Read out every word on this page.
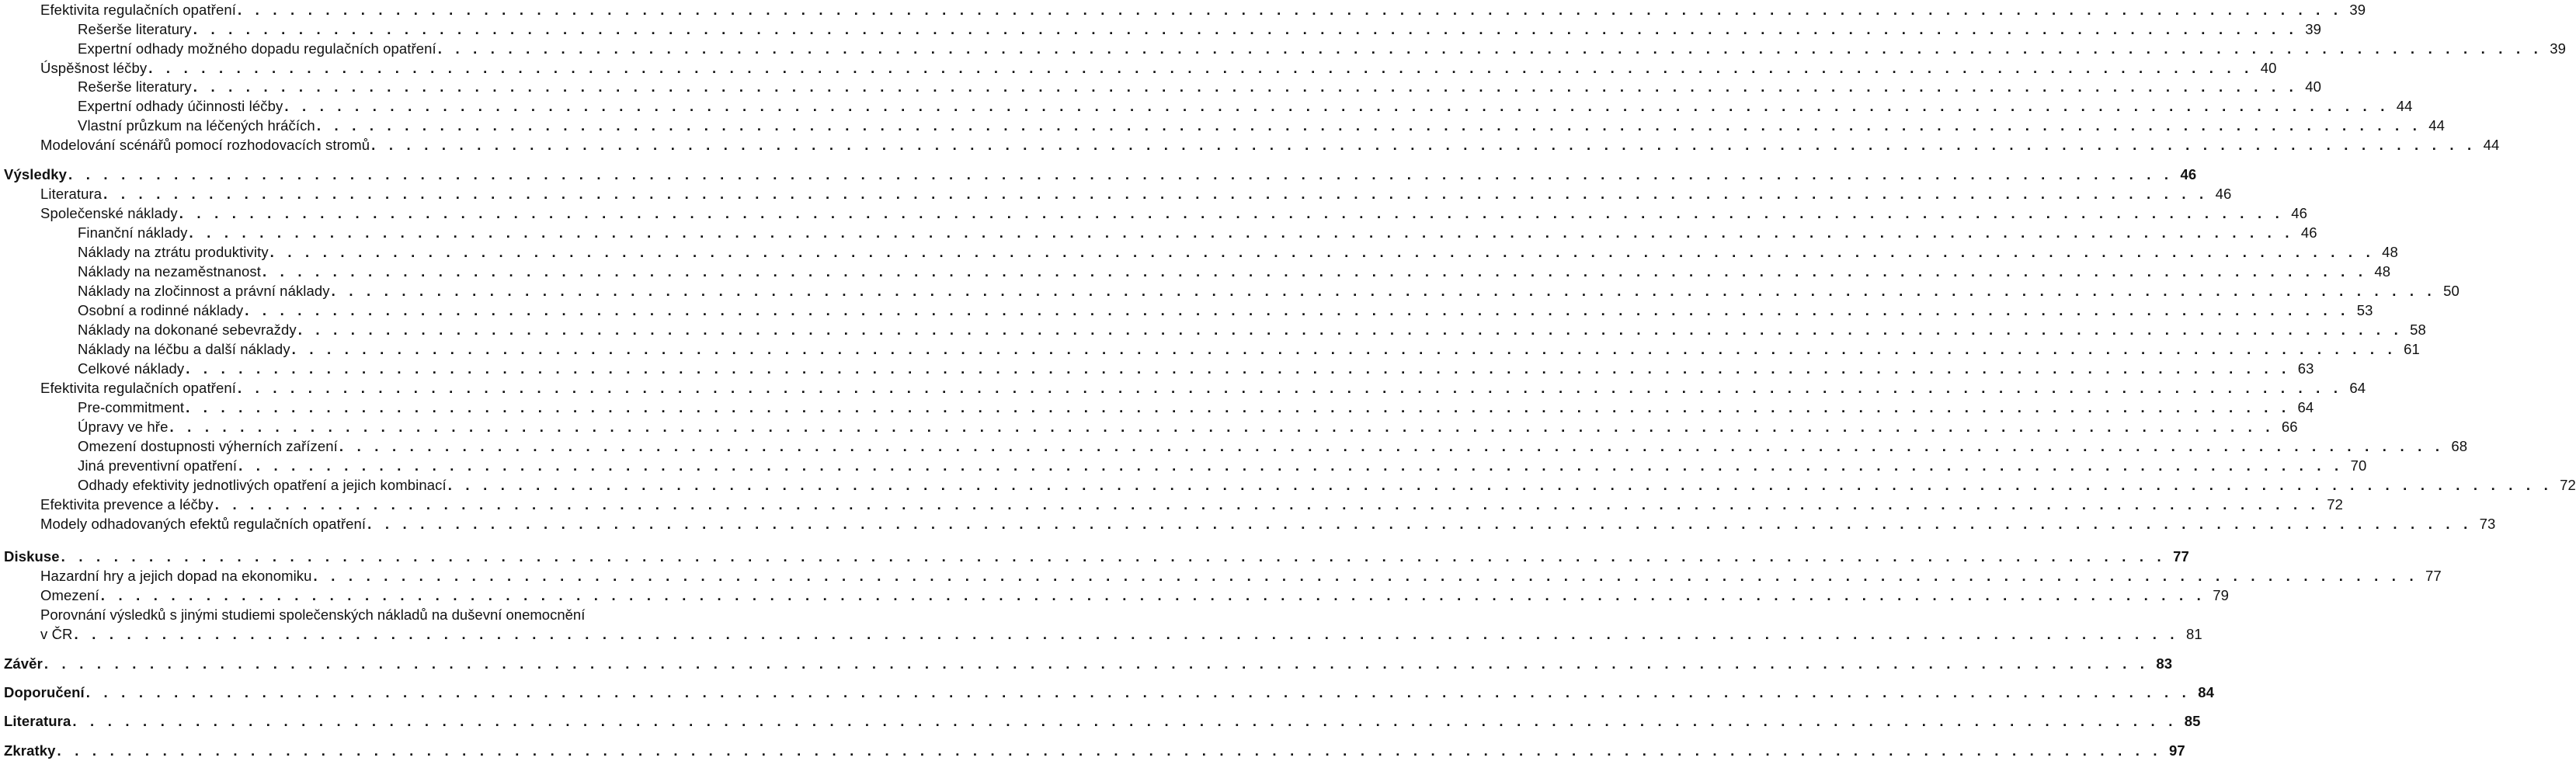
Efektivita regulačních opatření . . . . . . . . . . . . . . . . . . . . . . . . . . . . . . . . . . . . . . . . . . . . . . . . . . . . . . . . . . . . . . . . . . . . . . . . . . . . . . . . . . . . . . . . . . . . . . . . . . . . . . . . . . . . . . . . . . . . . . . . 39
Rešerše literatury . . . . . . . . . . . . . . . . . . . . . . . . . . . . . . . . . . . . . . . . . . . . . . . . . . . . . . . . . . . . . . . . . . . . . . . . . . . . . . . . . . . . . . . . . . . . . . . . . . . . . . . . . . . . . . . . . . . . . . . . 39
Expertní odhady možného dopadu regulačních opatření . . . . . . . . . . . . . . . . . . . . . . . . . . . . . . . . . . . . . . . . . . . . . . . . . . . . . . . . . . . . . . . . . . . . . . . . . . . . . . . . . . . . . . . . . . . . . . . . . . . . . . . . . . . . . . . . . . . . . . . . 39
Úspěšnost léčby . . . . . . . . . . . . . . . . . . . . . . . . . . . . . . . . . . . . . . . . . . . . . . . . . . . . . . . . . . . . . . . . . . . . . . . . . . . . . . . . . . . . . . . . . . . . . . . . . . . . . . . . . . . . . . . . . . . . . . . . 40
Rešerše literatury . . . . . . . . . . . . . . . . . . . . . . . . . . . . . . . . . . . . . . . . . . . . . . . . . . . . . . . . . . . . . . . . . . . . . . . . . . . . . . . . . . . . . . . . . . . . . . . . . . . . . . . . . . . . . . . . . . . . . . . . 40
Expertní odhady účinnosti léčby . . . . . . . . . . . . . . . . . . . . . . . . . . . . . . . . . . . . . . . . . . . . . . . . . . . . . . . . . . . . . . . . . . . . . . . . . . . . . . . . . . . . . . . . . . . . . . . . . . . . . . . . . . . . . . . . . . . . . . . . 44
Vlastní průzkum na léčených hráčích . . . . . . . . . . . . . . . . . . . . . . . . . . . . . . . . . . . . . . . . . . . . . . . . . . . . . . . . . . . . . . . . . . . . . . . . . . . . . . . . . . . . . . . . . . . . . . . . . . . . . . . . . . . . . . . . . . . . . . . . 44
Modelování scénářů pomocí rozhodovacích stromů . . . . . . . . . . . . . . . . . . . . . . . . . . . . . . . . . . . . . . . . . . . . . . . . . . . . . . . . . . . . . . . . . . . . . . . . . . . . . . . . . . . . . . . . . . . . . . . . . . . . . . . . . . . . . . . . . . . . . . . . 44
Výsledky . . . . . . . . . . . . . . . . . . . . . . . . . . . . . . . . . . . . . . . . . . . . . . . . . . . . . . . . . . . . . . . . . . . . . . . . . . . . . . . . . . . . . . . . . . . . . . . . . . . . . . . . . . . . . . . . . . . . . . . . 46
Literatura . . . . . . . . . . . . . . . . . . . . . . . . . . . . . . . . . . . . . . . . . . . . . . . . . . . . . . . . . . . . . . . . . . . . . . . . . . . . . . . . . . . . . . . . . . . . . . . . . . . . . . . . . . . . . . . . . . . . . . . . 46
Společenské náklady . . . . . . . . . . . . . . . . . . . . . . . . . . . . . . . . . . . . . . . . . . . . . . . . . . . . . . . . . . . . . . . . . . . . . . . . . . . . . . . . . . . . . . . . . . . . . . . . . . . . . . . . . . . . . . . . . . . . . . . . 46
Finanční náklady . . . . . . . . . . . . . . . . . . . . . . . . . . . . . . . . . . . . . . . . . . . . . . . . . . . . . . . . . . . . . . . . . . . . . . . . . . . . . . . . . . . . . . . . . . . . . . . . . . . . . . . . . . . . . . . . . . . . . . . . 46
Náklady na ztrátu produktivity . . . . . . . . . . . . . . . . . . . . . . . . . . . . . . . . . . . . . . . . . . . . . . . . . . . . . . . . . . . . . . . . . . . . . . . . . . . . . . . . . . . . . . . . . . . . . . . . . . . . . . . . . . . . . . . . . . . . . . . . 48
Náklady na nezaměstnanost . . . . . . . . . . . . . . . . . . . . . . . . . . . . . . . . . . . . . . . . . . . . . . . . . . . . . . . . . . . . . . . . . . . . . . . . . . . . . . . . . . . . . . . . . . . . . . . . . . . . . . . . . . . . . . . . . . . . . . . . 48
Náklady na zločinnost a právní náklady . . . . . . . . . . . . . . . . . . . . . . . . . . . . . . . . . . . . . . . . . . . . . . . . . . . . . . . . . . . . . . . . . . . . . . . . . . . . . . . . . . . . . . . . . . . . . . . . . . . . . . . . . . . . . . . . . . . . . . . . 50
Osobní a rodinné náklady . . . . . . . . . . . . . . . . . . . . . . . . . . . . . . . . . . . . . . . . . . . . . . . . . . . . . . . . . . . . . . . . . . . . . . . . . . . . . . . . . . . . . . . . . . . . . . . . . . . . . . . . . . . . . . . . . . . . . . . . 53
Náklady na dokonané sebevraždy . . . . . . . . . . . . . . . . . . . . . . . . . . . . . . . . . . . . . . . . . . . . . . . . . . . . . . . . . . . . . . . . . . . . . . . . . . . . . . . . . . . . . . . . . . . . . . . . . . . . . . . . . . . . . . . . . . . . . . . . 58
Náklady na léčbu a další náklady . . . . . . . . . . . . . . . . . . . . . . . . . . . . . . . . . . . . . . . . . . . . . . . . . . . . . . . . . . . . . . . . . . . . . . . . . . . . . . . . . . . . . . . . . . . . . . . . . . . . . . . . . . . . . . . . . . . . . . . . 61
Celkové náklady . . . . . . . . . . . . . . . . . . . . . . . . . . . . . . . . . . . . . . . . . . . . . . . . . . . . . . . . . . . . . . . . . . . . . . . . . . . . . . . . . . . . . . . . . . . . . . . . . . . . . . . . . . . . . . . . . . . . . . . . 63
Efektivita regulačních opatření . . . . . . . . . . . . . . . . . . . . . . . . . . . . . . . . . . . . . . . . . . . . . . . . . . . . . . . . . . . . . . . . . . . . . . . . . . . . . . . . . . . . . . . . . . . . . . . . . . . . . . . . . . . . . . . . . . . . . . . . 64
Pre-commitment . . . . . . . . . . . . . . . . . . . . . . . . . . . . . . . . . . . . . . . . . . . . . . . . . . . . . . . . . . . . . . . . . . . . . . . . . . . . . . . . . . . . . . . . . . . . . . . . . . . . . . . . . . . . . . . . . . . . . . . . 64
Úpravy ve hře . . . . . . . . . . . . . . . . . . . . . . . . . . . . . . . . . . . . . . . . . . . . . . . . . . . . . . . . . . . . . . . . . . . . . . . . . . . . . . . . . . . . . . . . . . . . . . . . . . . . . . . . . . . . . . . . . . . . . . . . 66
Omezení dostupnosti výherních zařízení . . . . . . . . . . . . . . . . . . . . . . . . . . . . . . . . . . . . . . . . . . . . . . . . . . . . . . . . . . . . . . . . . . . . . . . . . . . . . . . . . . . . . . . . . . . . . . . . . . . . . . . . . . . . . . . . . . . . . . . . 68
Jiná preventivní opatření . . . . . . . . . . . . . . . . . . . . . . . . . . . . . . . . . . . . . . . . . . . . . . . . . . . . . . . . . . . . . . . . . . . . . . . . . . . . . . . . . . . . . . . . . . . . . . . . . . . . . . . . . . . . . . . . . . . . . . . . 70
Odhady efektivity jednotlivých opatření a jejich kombinací . . . . . . . . . . . . . . . . . . . . . . . . . . . . . . . . . . . . . . . . . . . . . . . . . . . . . . . . . . . . . . . . . . . . . . . . . . . . . . . . . . . . . . . . . . . . . . . . . . . . . . . . . . . . . . . . . . . . . . . . 72
Efektivita prevence a léčby . . . . . . . . . . . . . . . . . . . . . . . . . . . . . . . . . . . . . . . . . . . . . . . . . . . . . . . . . . . . . . . . . . . . . . . . . . . . . . . . . . . . . . . . . . . . . . . . . . . . . . . . . . . . . . . . . . . . . . . . 72
Modely odhadovaných efektů regulačních opatření . . . . . . . . . . . . . . . . . . . . . . . . . . . . . . . . . . . . . . . . . . . . . . . . . . . . . . . . . . . . . . . . . . . . . . . . . . . . . . . . . . . . . . . . . . . . . . . . . . . . . . . . . . . . . . . . . . . . . . . . 73
Diskuse . . . . . . . . . . . . . . . . . . . . . . . . . . . . . . . . . . . . . . . . . . . . . . . . . . . . . . . . . . . . . . . . . . . . . . . . . . . . . . . . . . . . . . . . . . . . . . . . . . . . . . . . . . . . . . . . . . . . . . . . 77
Hazardní hry a jejich dopad na ekonomiku . . . . . . . . . . . . . . . . . . . . . . . . . . . . . . . . . . . . . . . . . . . . . . . . . . . . . . . . . . . . . . . . . . . . . . . . . . . . . . . . . . . . . . . . . . . . . . . . . . . . . . . . . . . . . . . . . . . . . . . . 77
Omezení . . . . . . . . . . . . . . . . . . . . . . . . . . . . . . . . . . . . . . . . . . . . . . . . . . . . . . . . . . . . . . . . . . . . . . . . . . . . . . . . . . . . . . . . . . . . . . . . . . . . . . . . . . . . . . . . . . . . . . . . 79
Porovnání výsledků s jinými studiemi společenských nákladů na duševní onemocnění
v ČR . . . . . . . . . . . . . . . . . . . . . . . . . . . . . . . . . . . . . . . . . . . . . . . . . . . . . . . . . . . . . . . . . . . . . . . . . . . . . . . . . . . . . . . . . . . . . . . . . . . . . . . . . . . . . . . . . . . . . . . . 81
Závěr . . . . . . . . . . . . . . . . . . . . . . . . . . . . . . . . . . . . . . . . . . . . . . . . . . . . . . . . . . . . . . . . . . . . . . . . . . . . . . . . . . . . . . . . . . . . . . . . . . . . . . . . . . . . . . . . . . . . . . . . 83
Doporučení . . . . . . . . . . . . . . . . . . . . . . . . . . . . . . . . . . . . . . . . . . . . . . . . . . . . . . . . . . . . . . . . . . . . . . . . . . . . . . . . . . . . . . . . . . . . . . . . . . . . . . . . . . . . . . . . . . . . . . . . 84
Literatura . . . . . . . . . . . . . . . . . . . . . . . . . . . . . . . . . . . . . . . . . . . . . . . . . . . . . . . . . . . . . . . . . . . . . . . . . . . . . . . . . . . . . . . . . . . . . . . . . . . . . . . . . . . . . . . . . . . . . . . . 85
Zkratky . . . . . . . . . . . . . . . . . . . . . . . . . . . . . . . . . . . . . . . . . . . . . . . . . . . . . . . . . . . . . . . . . . . . . . . . . . . . . . . . . . . . . . . . . . . . . . . . . . . . . . . . . . . . . . . . . . . . . . . . 97
